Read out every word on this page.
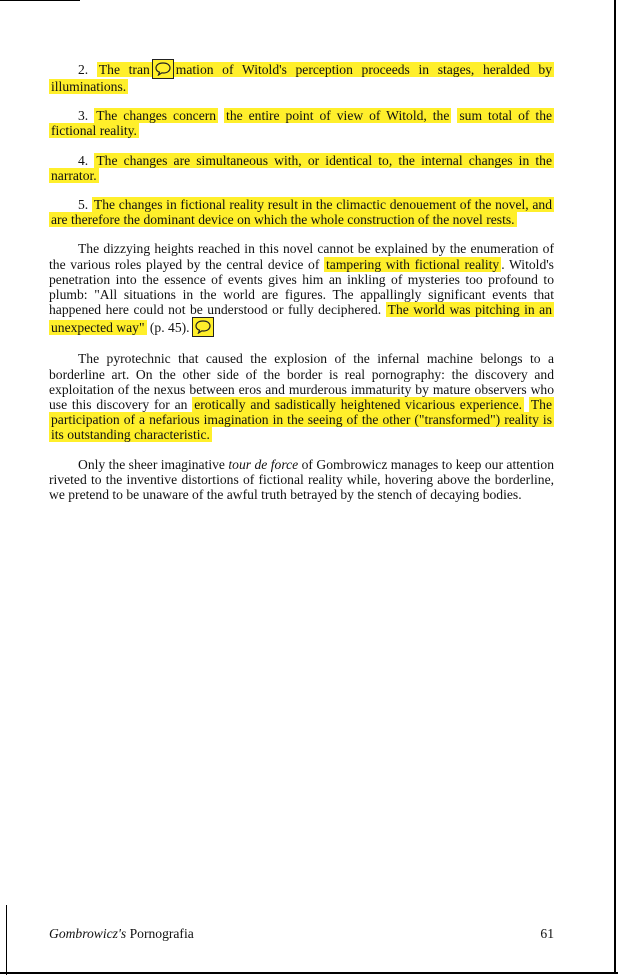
2. The tran mation of Witold's perception proceeds in stages, heralded by illuminations.

3. The changes concern the entire point of view of Witold, the sum total of the fictional reality.

4. The changes are simultaneous with, or identical to, the internal changes in the narrator.

5. The changes in fictional reality result in the climactic denouement of the novel, and are therefore the dominant device on which the whole construction of the novel rests.

The dizzying heights reached in this novel cannot be explained by the enumeration of the various roles played by the central device of tampering with fictional reality . Witold's penetration into the essence of events gives him an inkling of mysteries too profound to plumb: "All situations in the world are figures. The appallingly significant events that happened here could not be understood or fully deciphered. The world was pitching in an unexpected way" (p. 45).

The pyrotechnic that caused the explosion of the infernal machine belongs to a borderline art. On the other side of the border is real pornography: the discovery and exploitation of the nexus between eros and murderous immaturity by mature observers who use this discovery for an erotically and sadistically heightened vicarious experience. The participation of a nefarious imagination in the seeing of the other ("transformed") reality is its outstanding characteristic.

Only the sheer imaginative tour de force of Gombrowicz manages to keep our attention riveted to the inventive distortions of fictional reality while, hovering above the borderline, we pretend to be unaware of the awful truth betrayed by the stench of decaying bodies.

Gombrowicz's Pornografia	61
